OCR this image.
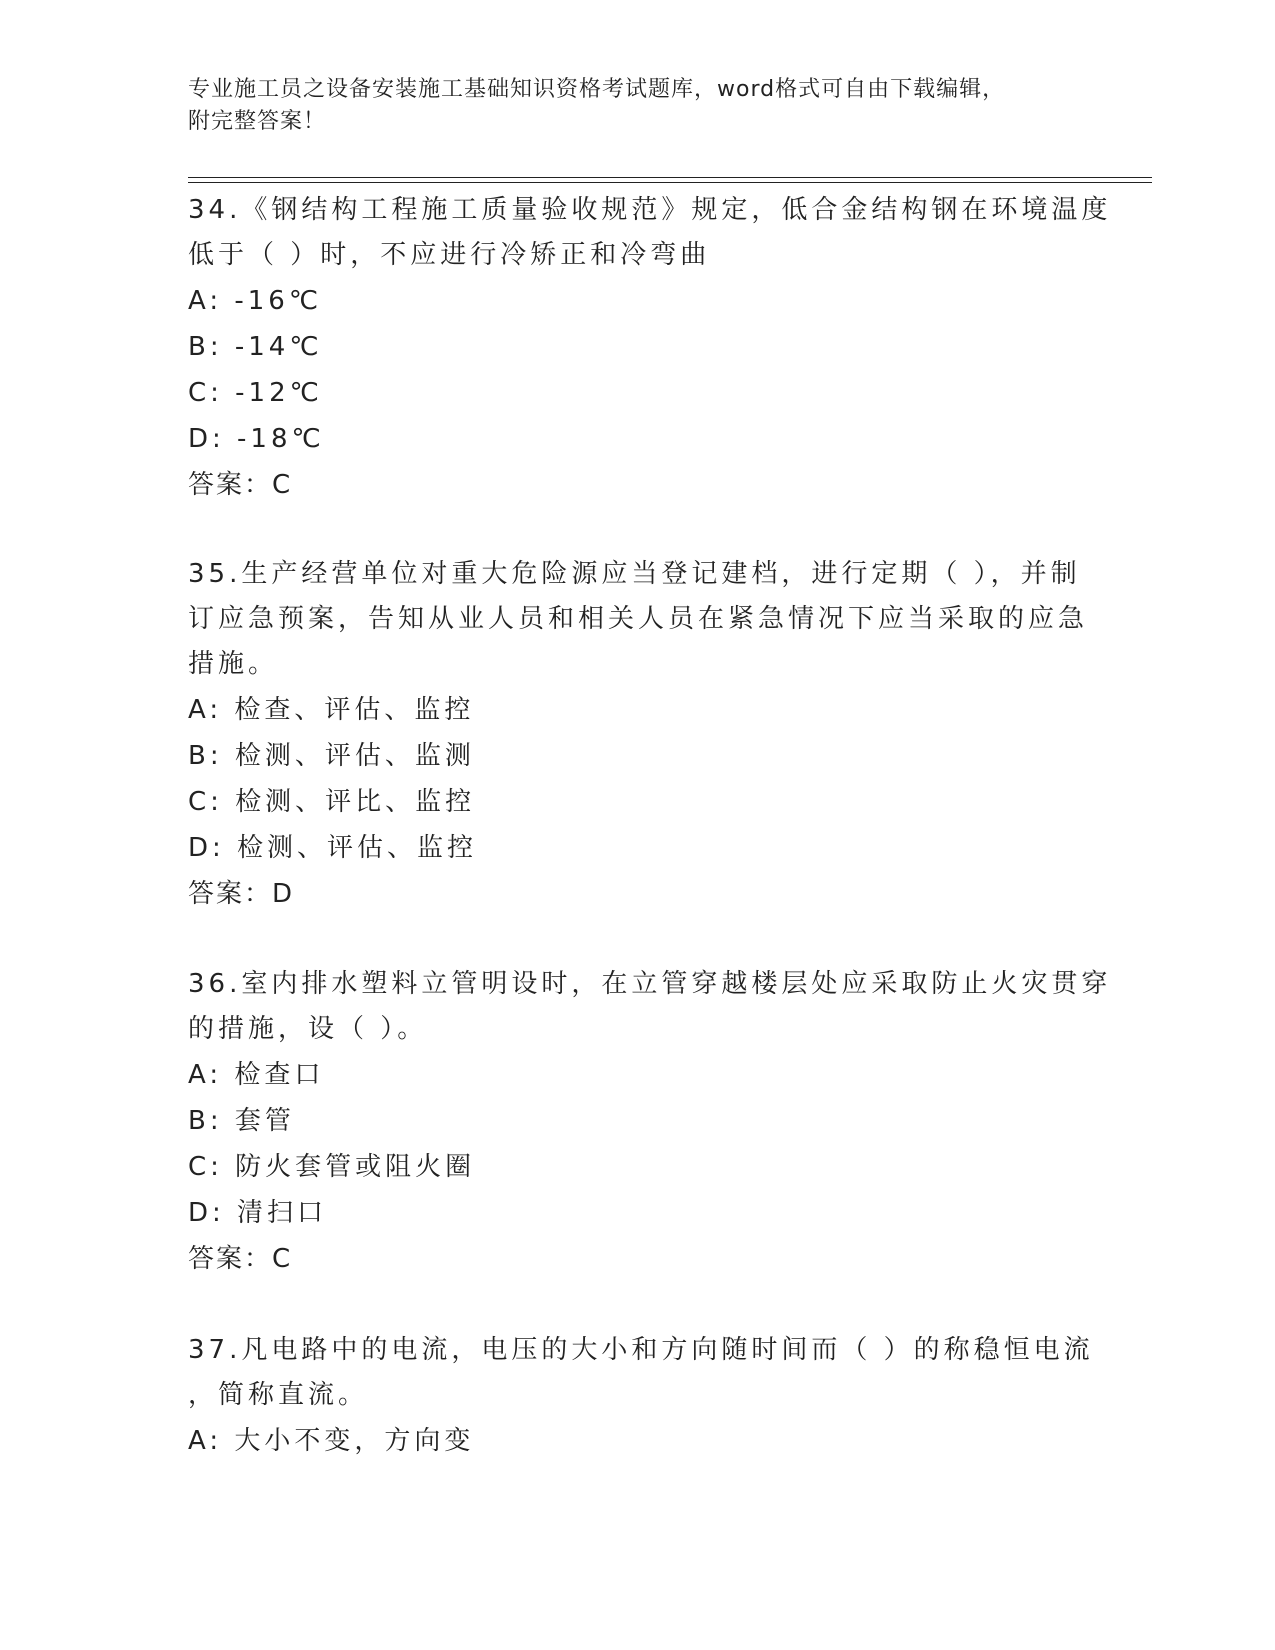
专业施工员之设备安装施工基础知识资格考试题库，word格式可自由下载编辑，
附完整答案！
34.《钢结构工程施工质量验收规范》规定，低合金结构钢在环境温度
低于（ ）时，不应进行冷矫正和冷弯曲
A: -16℃
B: -14℃
C: -12℃
D: -18℃
答案：C
35.生产经营单位对重大危险源应当登记建档，进行定期（ ），并制
订应急预案，告知从业人员和相关人员在紧急情况下应当采取的应急
措施。
A: 检查、评估、监控
B: 检测、评估、监测
C: 检测、评比、监控
D: 检测、评估、监控
答案：D
36.室内排水塑料立管明设时，在立管穿越楼层处应采取防止火灾贯穿
的措施，设（ ）。
A: 检查口
B: 套管
C: 防火套管或阻火圈
D: 清扫口
答案：C
37.凡电路中的电流，电压的大小和方向随时间而（ ）的称稳恒电流
，简称直流。
A: 大小不变，方向变
